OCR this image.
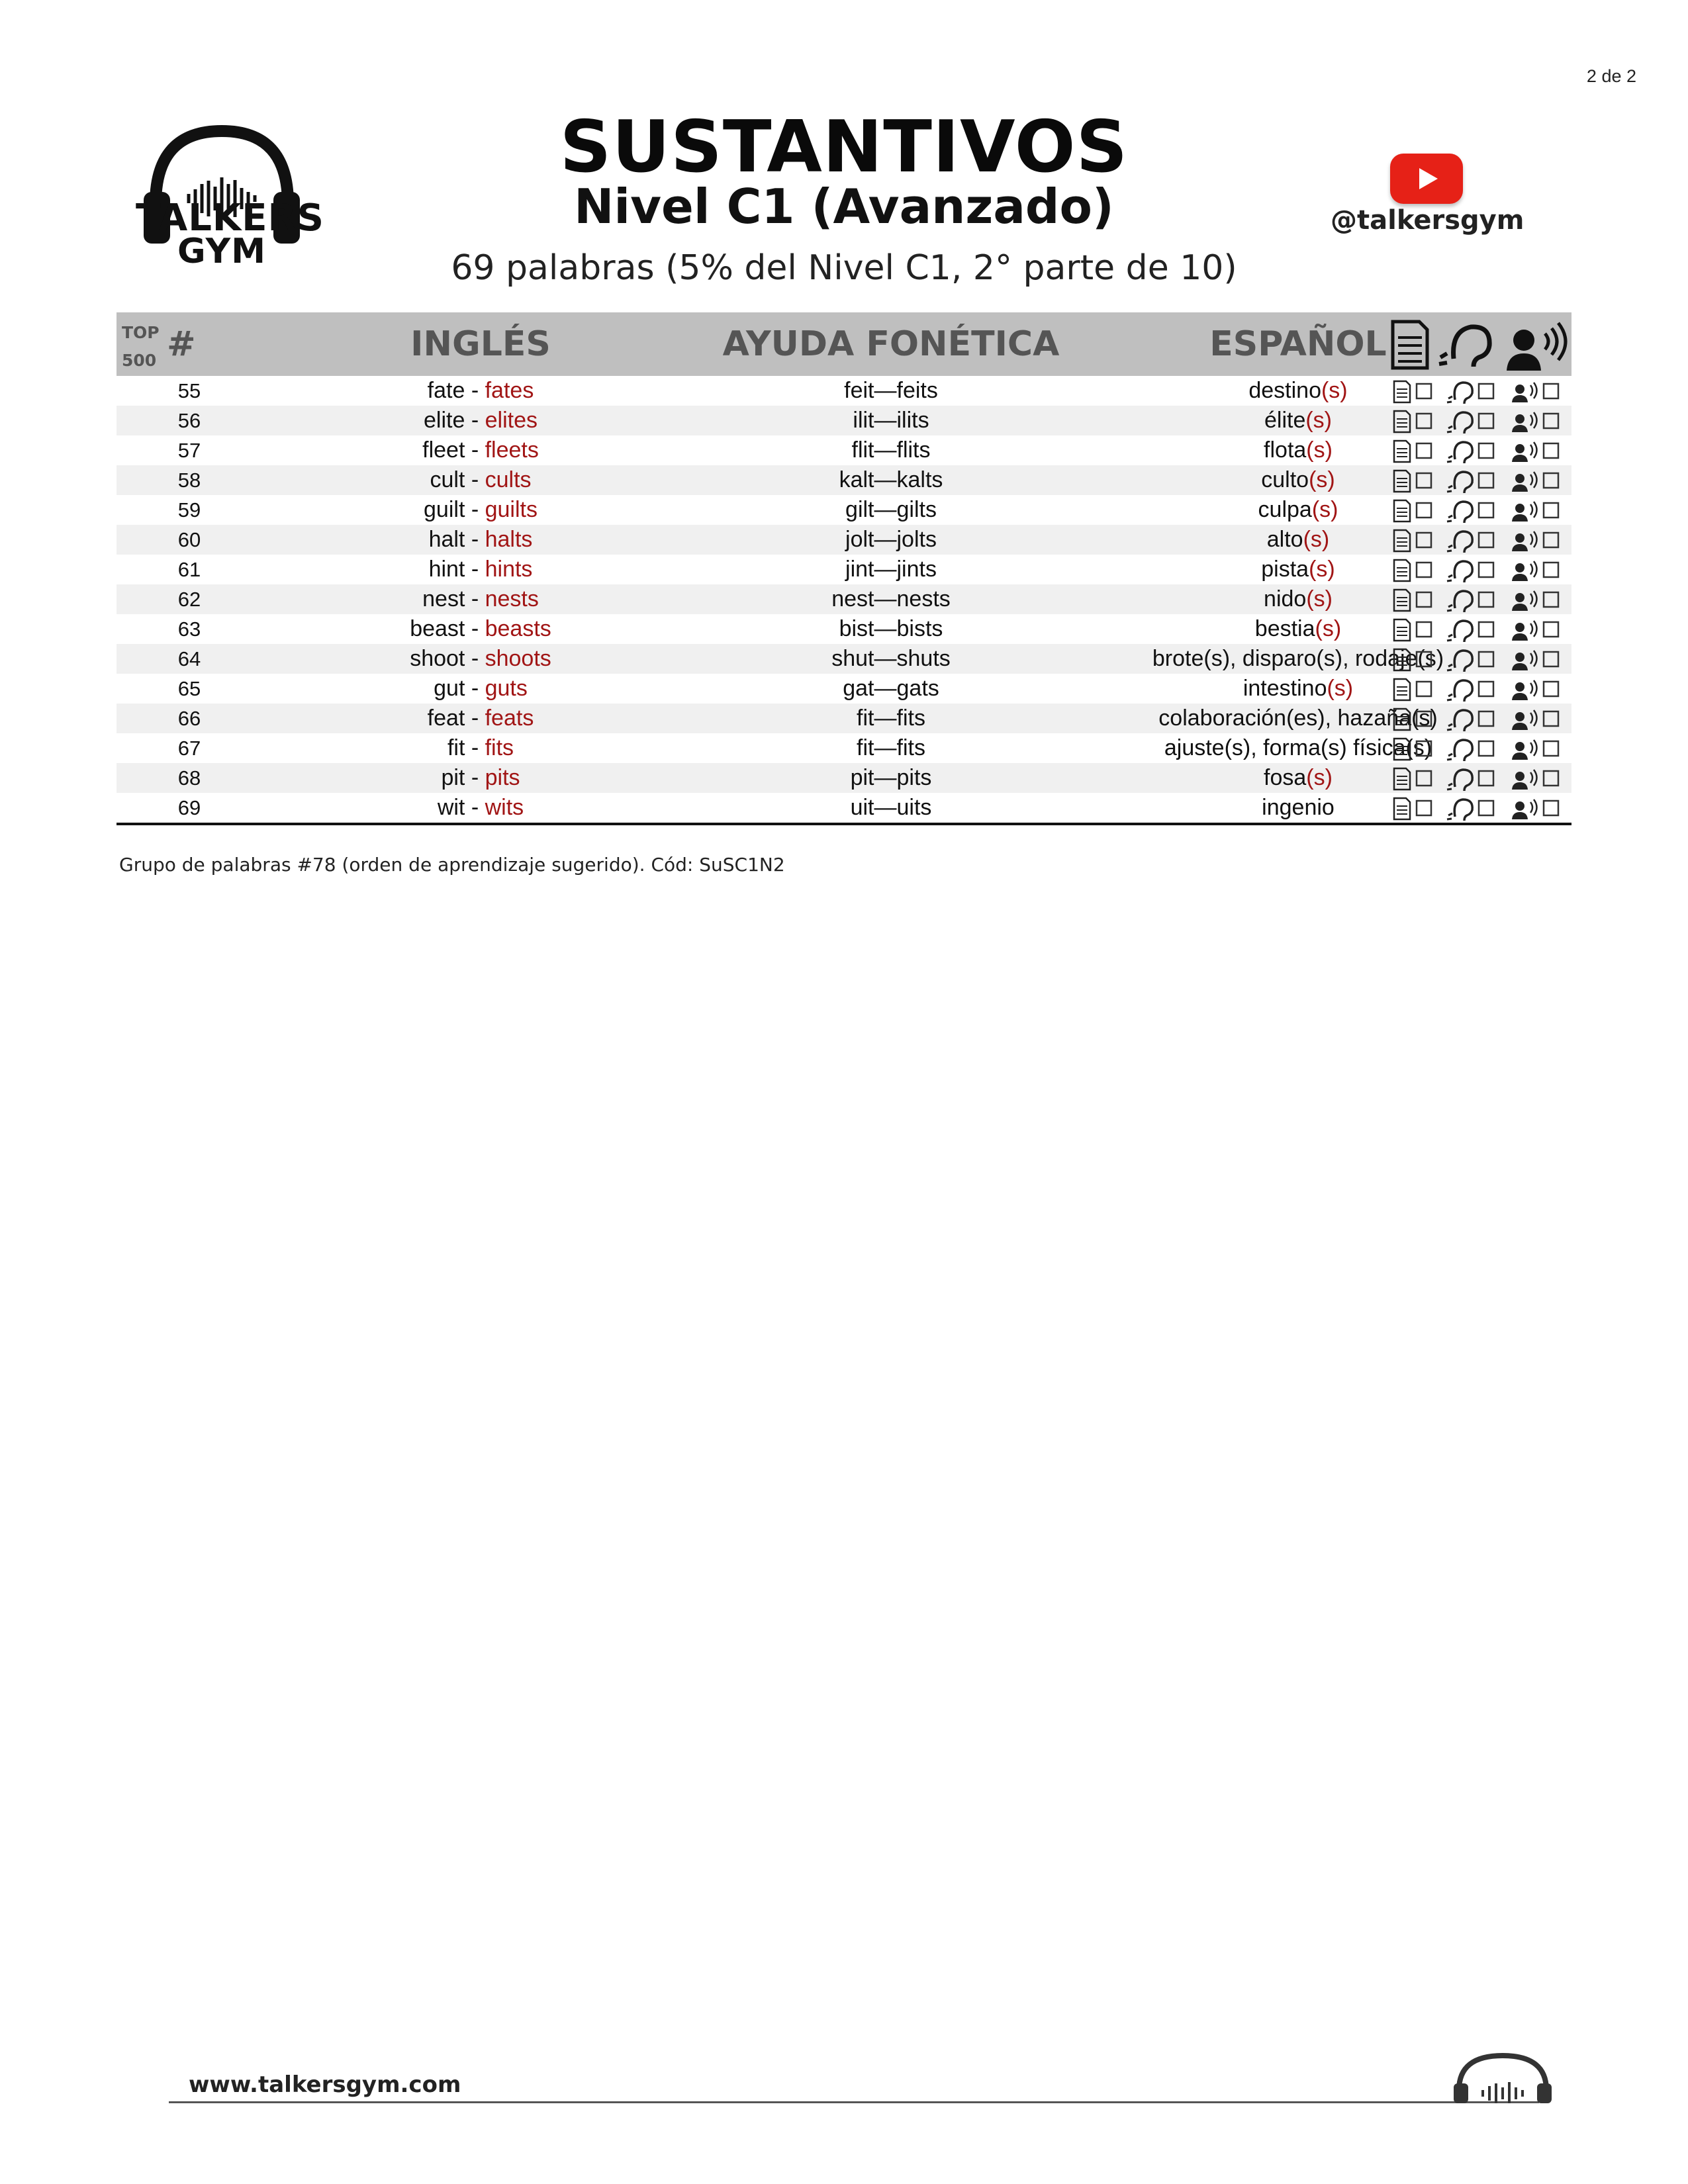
2 de 2
TALKERS
GYM
SUSTANTIVOS
Nivel C1 (Avanzado)
69 palabras (5% del Nivel C1, 2° parte de 10)
@talkersgym
TOP
500 #	INGLÉS	AYUDA FONÉTICA	ESPAÑOL
55	fate - fates	feit—feits	destino(s)
56	elite - elites	ilit—ilits	élite(s)
57	fleet - fleets	flit—flits	flota(s)
58	cult - cults	kalt—kalts	culto(s)
59	guilt - guilts	gilt—gilts	culpa(s)
60	halt - halts	jolt—jolts	alto(s)
61	hint - hints	jint—jints	pista(s)
62	nest - nests	nest—nests	nido(s)
63	beast - beasts	bist—bists	bestia(s)
64	shoot - shoots	shut—shuts	brote(s), disparo(s), rodaje(s)
65	gut - guts	gat—gats	intestino(s)
66	feat - feats	fit—fits	colaboración(es), hazaña(s)
67	fit - fits	fit—fits	ajuste(s), forma(s) física(s)
68	pit - pits	pit—pits	fosa(s)
69	wit - wits	uit—uits	ingenio
Grupo de palabras #78 (orden de aprendizaje sugerido). Cód: SuSC1N2
www.talkersgym.com
